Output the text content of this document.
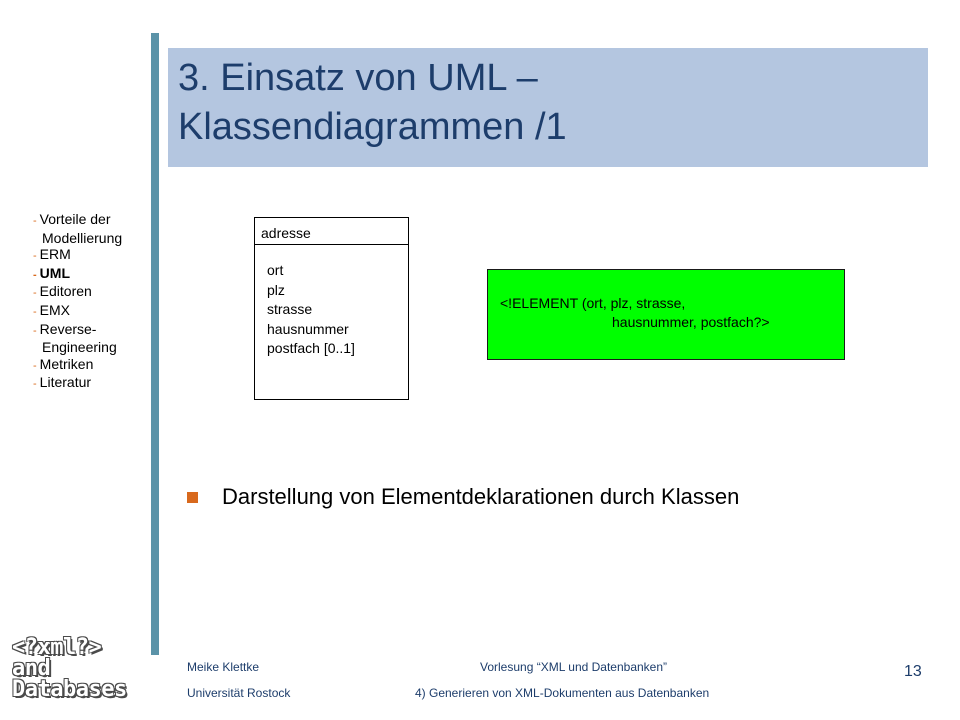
3. Einsatz von UML –
Klassendiagrammen /1
- Vorteile der
Modellierung
- ERM
- UML
- Editoren
- EMX
- Reverse-
Engineering
- Metriken
- Literatur
adresse
ort
plz
strasse
hausnummer
postfach [0..1]
<!ELEMENT (ort, plz, strasse,
hausnummer, postfach?>
Darstellung von Elementdeklarationen durch Klassen
<?xml?>
and
Databases
Meike Klettke
Universität Rostock
Vorlesung “XML und Datenbanken”
4) Generieren von XML-Dokumenten aus Datenbanken
13
